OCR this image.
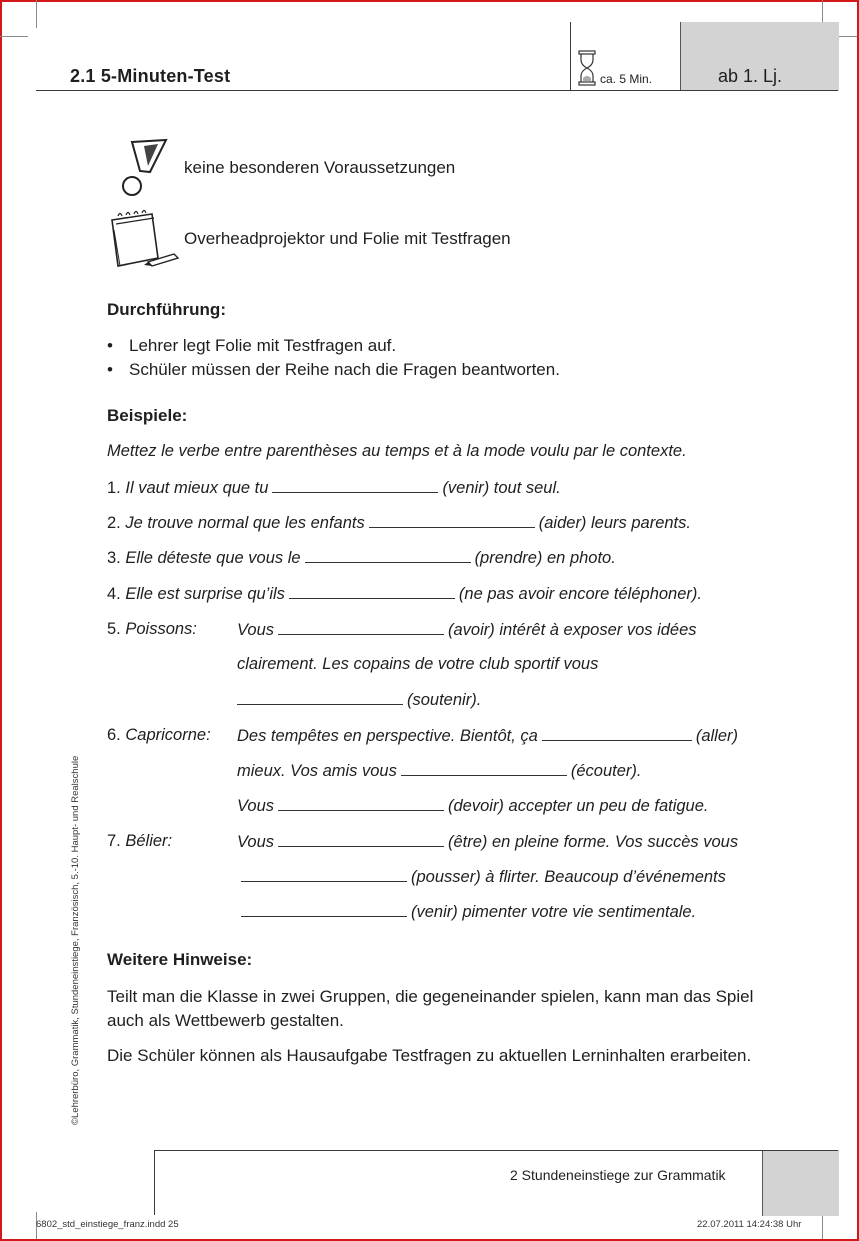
2.1 5-Minuten-Test	ca. 5 Min.	ab 1. Lj.
keine besonderen Voraussetzungen
Overheadprojektor und Folie mit Testfragen
Durchführung:
• Lehrer legt Folie mit Testfragen auf.
• Schüler müssen der Reihe nach die Fragen beantworten.
Beispiele:
Mettez le verbe entre parenthèses au temps et à la mode voulu par le contexte.
1. Il vaut mieux que tu	(venir) tout seul.
2. Je trouve normal que les enfants	(aider) leurs parents.
3. Elle déteste que vous le	(prendre) en photo.
4. Elle est surprise qu’ils	(ne pas avoir encore téléphoner).
5. Poissons: Vous	(avoir) intérêt à exposer vos idées
clairement. Les copains de votre club sportif vous
(soutenir).
6. Capricorne: Des tempêtes en perspective. Bientôt, ça	(aller)
mieux. Vos amis vous	(écouter).
Vous	(devoir) accepter un peu de fatigue.
7. Bélier:	Vous	(être) en pleine forme. Vos succès vous
(pousser) à flirter. Beaucoup d’événements
(venir) pimenter votre vie sentimentale.
Weitere Hinweise:
Teilt man die Klasse in zwei Gruppen, die gegeneinander spielen, kann man das Spiel auch als Wettbewerb gestalten.
Die Schüler können als Hausaufgabe Testfragen zu aktuellen Lerninhalten erarbeiten.
©Lehrerbüro, Grammatik, Stundeneinstiege, Französisch, 5.-10. Haupt- und Realschule
2 Stundeneinstiege zur Grammatik
6802_std_einstiege_franz.indd 25	22.07.2011 14:24:38 Uhr
